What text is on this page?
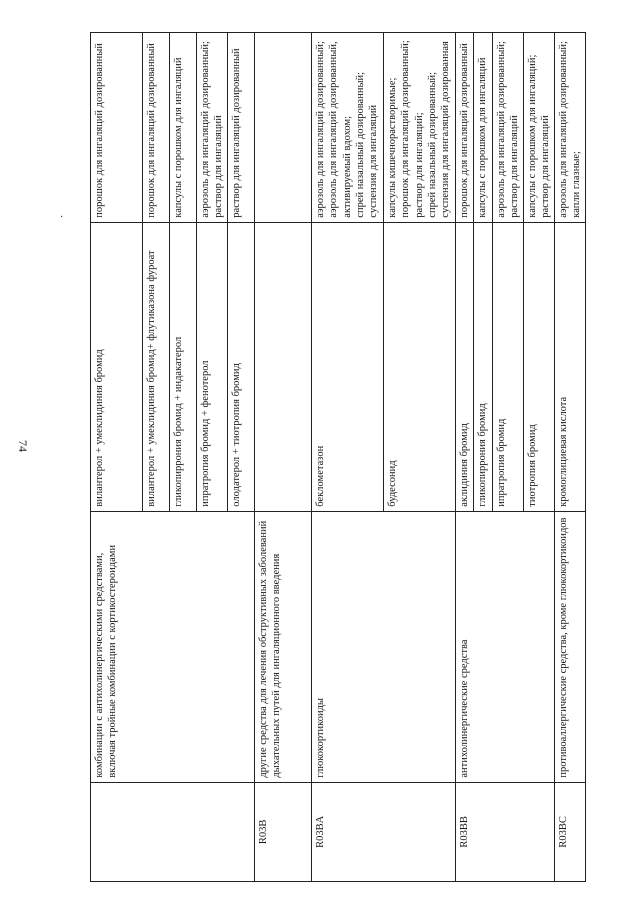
74
·

	комбинации с антихолинергическими средствами, включая тройные комбинации с кортикостероидами	вилантерол + умеклидиния бромид	порошок для ингаляций дозированный

		вилантерол + умеклидиния бромид+ флутиказона фуроат	порошок для ингаляций дозированный

		гликопиррония бромид + индакатерол	капсулы с порошком для ингаляций

		ипратропия бромид + фенотерол	аэрозоль для ингаляций дозированный;
раствор для ингаляций

		олодатерол + тиотропия бромид	раствор для ингаляций дозированный

R03B	другие средства для лечения обструктивных заболеваний дыхательных путей для ингаляционного введения		

R03BA	глюкокортикоиды	беклометазон	аэрозоль для ингаляций дозированный;
аэрозоль для ингаляций дозированный, активируемый вдохом;
спрей назальный дозированный;
суспензия для ингаляций

		будесонид	капсулы кишечнорастворимые;
порошок для ингаляций дозированный;
раствор для ингаляций;
спрей назальный дозированный;
суспензия для ингаляций дозированная

R03BB	антихолинергические средства	аклидиния бромид	порошок для ингаляций дозированный

		гликопиррония бромид	капсулы с порошком для ингаляций

		ипратропия бромид	аэрозоль для ингаляций дозированный; раствор для ингаляций

		тиотропия бромид	капсулы с порошком для ингаляций;
раствор для ингаляций

R03BC	противоаллергические средства, кроме глюкокортикоидов	кромоглициевая кислота	аэрозоль для ингаляций дозированный;
капли глазные;
